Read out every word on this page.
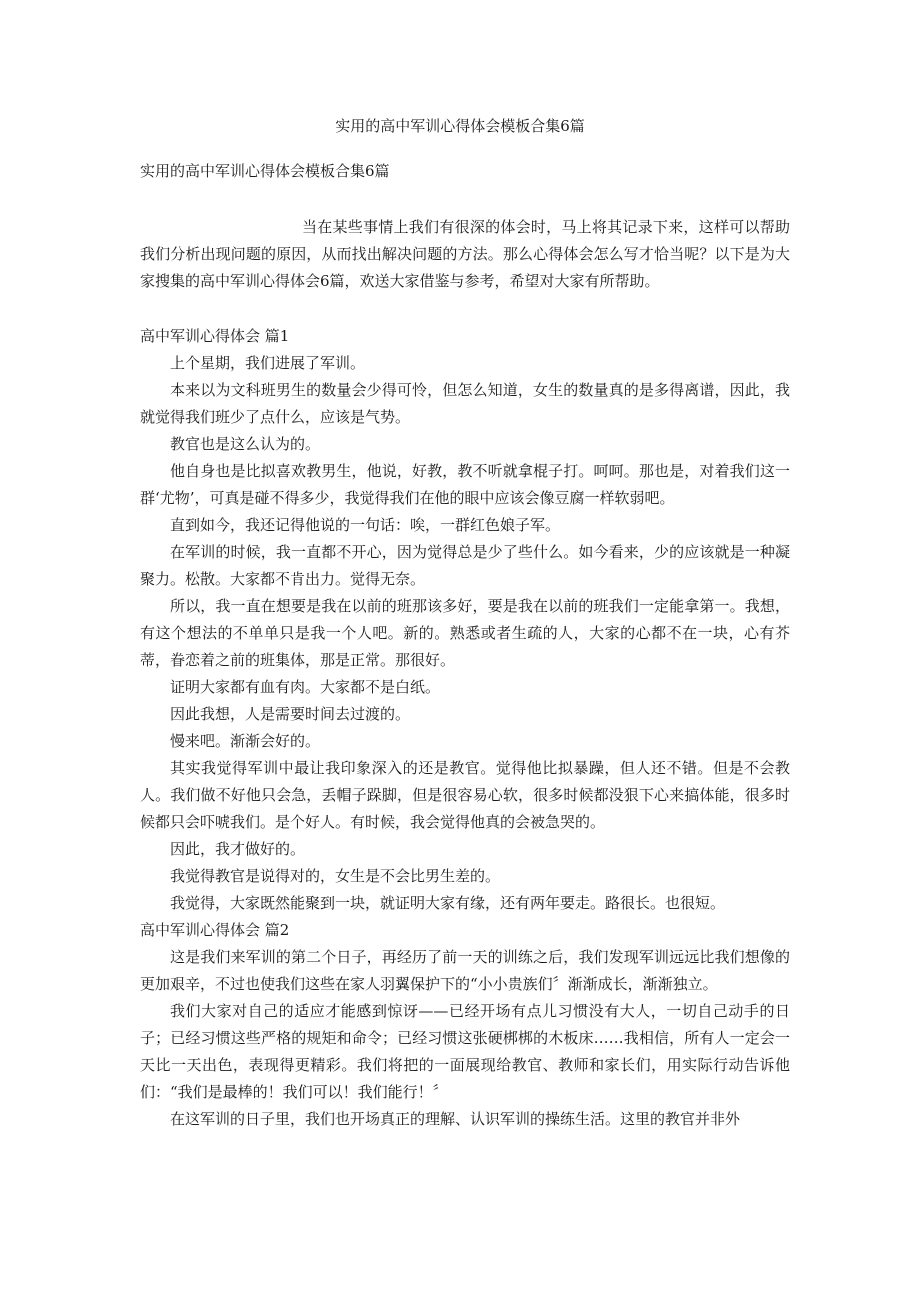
实用的高中军训心得体会模板合集6篇
实用的高中军训心得体会模板合集6篇
当在某些事情上我们有很深的体会时，马上将其记录下来，这样可以帮助我们分析出现问题的原因，从而找出解决问题的方法。那么心得体会怎么写才恰当呢？以下是为大家搜集的高中军训心得体会6篇，欢送大家借鉴与参考，希望对大家有所帮助。
高中军训心得体会 篇1

上个星期，我们进展了军训。

本来以为文科班男生的数量会少得可怜，但怎么知道，女生的数量真的是多得离谱，因此，我就觉得我们班少了点什么，应该是气势。

教官也是这么认为的。

他自身也是比拟喜欢教男生，他说，好教，教不听就拿棍子打。呵呵。那也是，对着我们这一群‘尤物’，可真是碰不得多少，我觉得我们在他的眼中应该会像豆腐一样软弱吧。

直到如今，我还记得他说的一句话：唉，一群红色娘子军。

在军训的时候，我一直都不开心，因为觉得总是少了些什么。如今看来，少的应该就是一种凝聚力。松散。大家都不肯出力。觉得无奈。

所以，我一直在想要是我在以前的班那该多好，要是我在以前的班我们一定能拿第一。我想，有这个想法的不单单只是我一个人吧。新的。熟悉或者生疏的人，大家的心都不在一块，心有芥蒂，眷恋着之前的班集体，那是正常。那很好。

证明大家都有血有肉。大家都不是白纸。

因此我想，人是需要时间去过渡的。

慢来吧。渐渐会好的。

其实我觉得军训中最让我印象深入的还是教官。觉得他比拟暴躁，但人还不错。但是不会教人。我们做不好他只会急，丢帽子跺脚，但是很容易心软，很多时候都没狠下心来搞体能，很多时候都只会吓唬我们。是个好人。有时候，我会觉得他真的会被急哭的。

因此，我才做好的。

我觉得教官是说得对的，女生是不会比男生差的。

我觉得，大家既然能聚到一块，就证明大家有缘，还有两年要走。路很长。也很短。

高中军训心得体会 篇2

这是我们来军训的第二个日子，再经历了前一天的训练之后，我们发现军训远远比我们想像的更加艰辛，不过也使我们这些在家人羽翼保护下的“小小贵族们〞渐渐成长，渐渐独立。

我们大家对自己的适应才能感到惊讶——已经开场有点儿习惯没有大人，一切自己动手的日子；已经习惯这些严格的规矩和命令；已经习惯这张硬梆梆的木板床……我相信，所有人一定会一天比一天出色，表现得更精彩。我们将把的一面展现给教官、教师和家长们，用实际行动告诉他们：“我们是最棒的！我们可以！我们能行！〞

在这军训的日子里，我们也开场真正的理解、认识军训的操练生活。这里的教官并非外
